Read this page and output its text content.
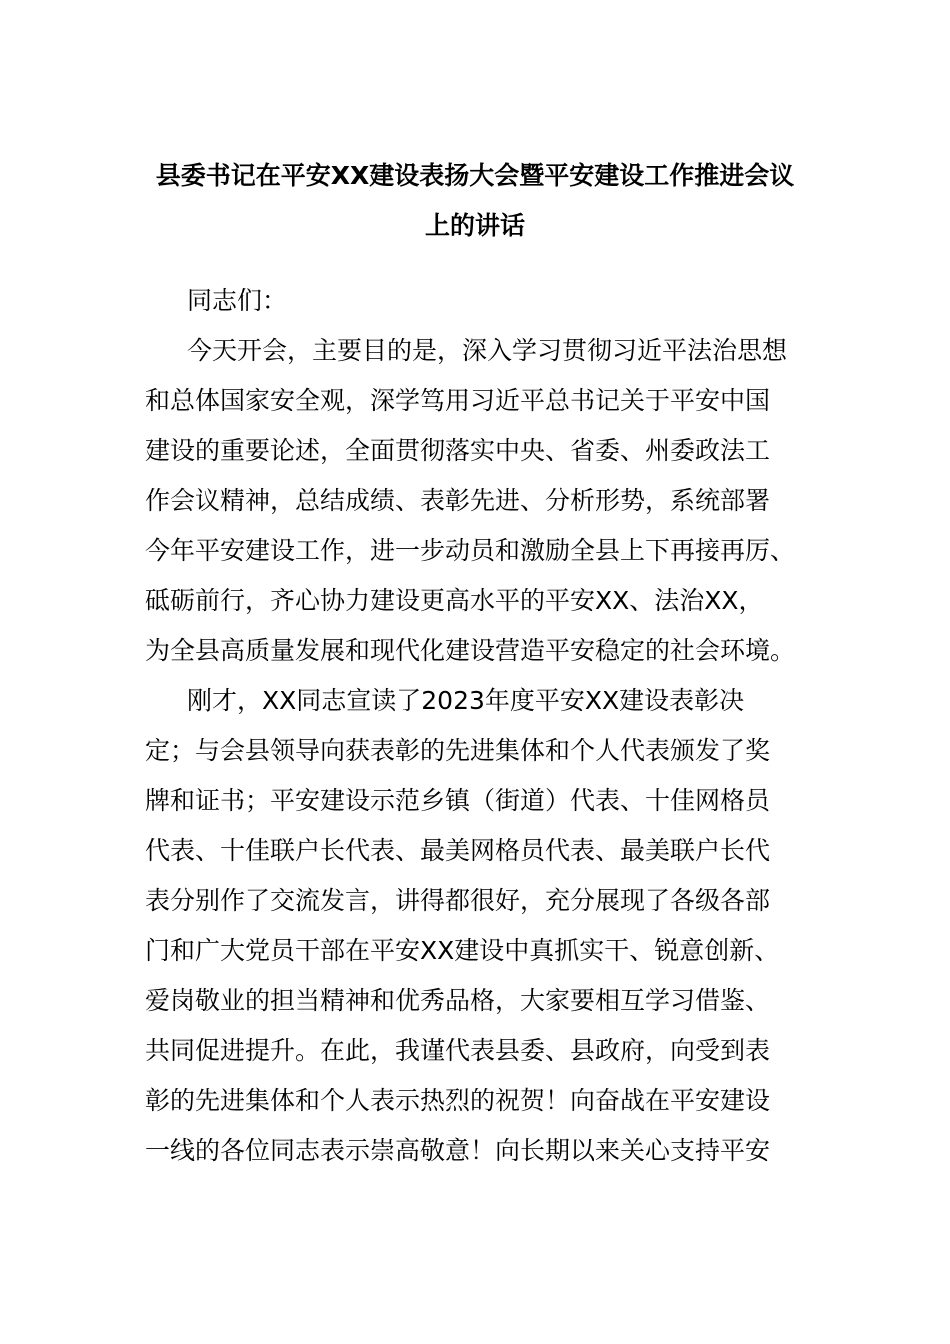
县委书记在平安XX建设表扬大会暨平安建设工作推进会议
上的讲话
同志们：
今天开会，主要目的是，深入学习贯彻习近平法治思想
和总体国家安全观，深学笃用习近平总书记关于平安中国
建设的重要论述，全面贯彻落实中央、省委、州委政法工
作会议精神，总结成绩、表彰先进、分析形势，系统部署
今年平安建设工作，进一步动员和激励全县上下再接再厉、
砥砺前行，齐心协力建设更高水平的平安XX、法治XX，
为全县高质量发展和现代化建设营造平安稳定的社会环境。
刚才，XX同志宣读了2023年度平安XX建设表彰决
定；与会县领导向获表彰的先进集体和个人代表颁发了奖
牌和证书；平安建设示范乡镇（街道）代表、十佳网格员
代表、十佳联户长代表、最美网格员代表、最美联户长代
表分别作了交流发言，讲得都很好，充分展现了各级各部
门和广大党员干部在平安XX建设中真抓实干、锐意创新、
爱岗敬业的担当精神和优秀品格，大家要相互学习借鉴、
共同促进提升。在此，我谨代表县委、县政府，向受到表
彰的先进集体和个人表示热烈的祝贺！向奋战在平安建设
一线的各位同志表示崇高敬意！向长期以来关心支持平安
